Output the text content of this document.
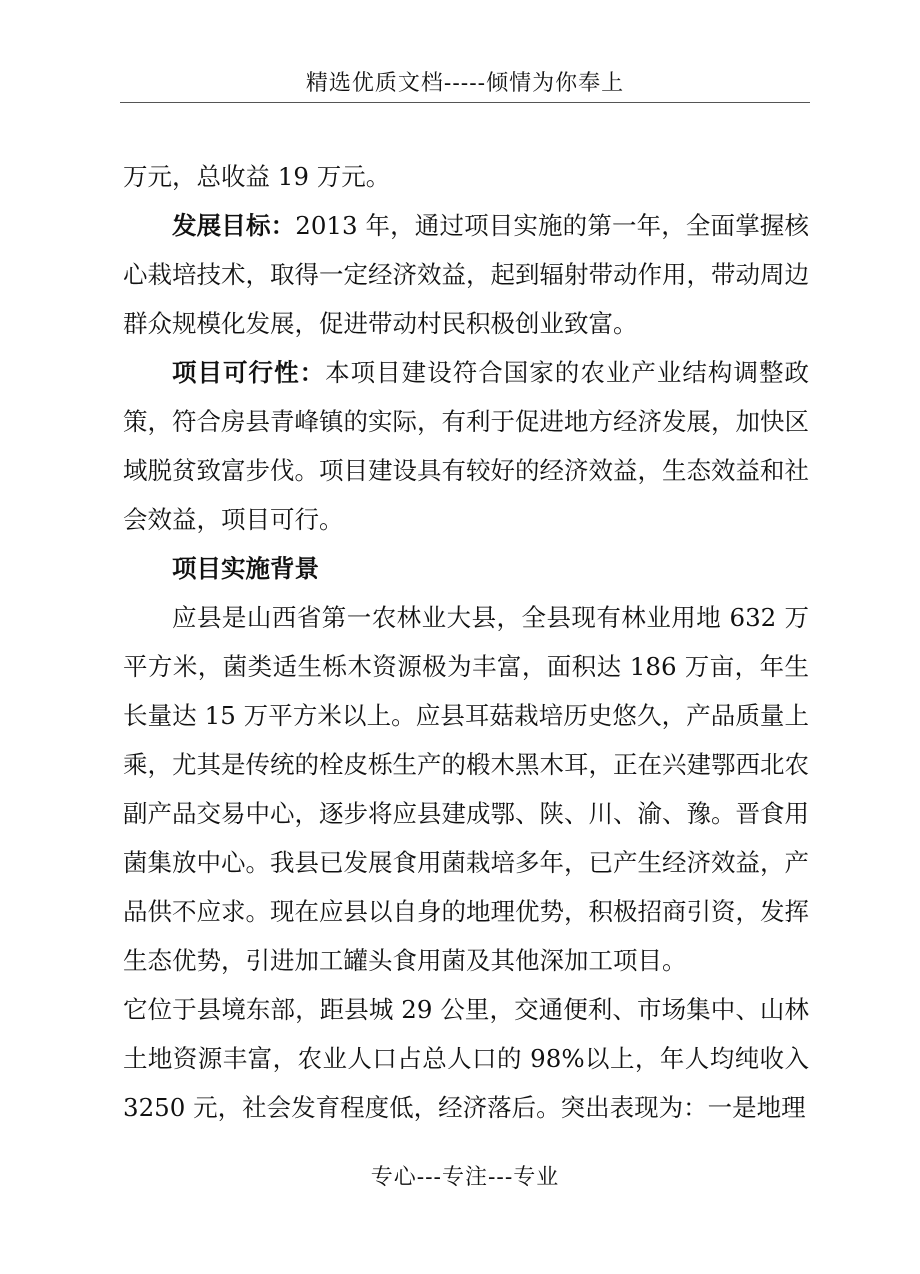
精选优质文档-----倾情为你奉上

万元，总收益 19 万元。

发展目标：2013 年，通过项目实施的第一年，全面掌握核心栽培技术，取得一定经济效益，起到辐射带动作用，带动周边群众规模化发展，促进带动村民积极创业致富。

项目可行性：本项目建设符合国家的农业产业结构调整政策，符合房县青峰镇的实际，有利于促进地方经济发展，加快区域脱贫致富步伐。项目建设具有较好的经济效益，生态效益和社会效益，项目可行。

项目实施背景

应县是山西省第一农林业大县，全县现有林业用地 632 万平方米，菌类适生栎木资源极为丰富，面积达 186 万亩，年生长量达 15 万平方米以上。应县耳菇栽培历史悠久，产品质量上乘，尤其是传统的栓皮栎生产的椴木黑木耳，正在兴建鄂西北农副产品交易中心，逐步将应县建成鄂、陕、川、渝、豫。晋食用菌集放中心。我县已发展食用菌栽培多年，已产生经济效益，产品供不应求。现在应县以自身的地理优势，积极招商引资，发挥生态优势，引进加工罐头食用菌及其他深加工项目。

它位于县境东部，距县城 29 公里，交通便利、市场集中、山林土地资源丰富，农业人口占总人口的 98%以上，年人均纯收入 3250 元，社会发育程度低，经济落后。突出表现为：一是地理

专心---专注---专业
